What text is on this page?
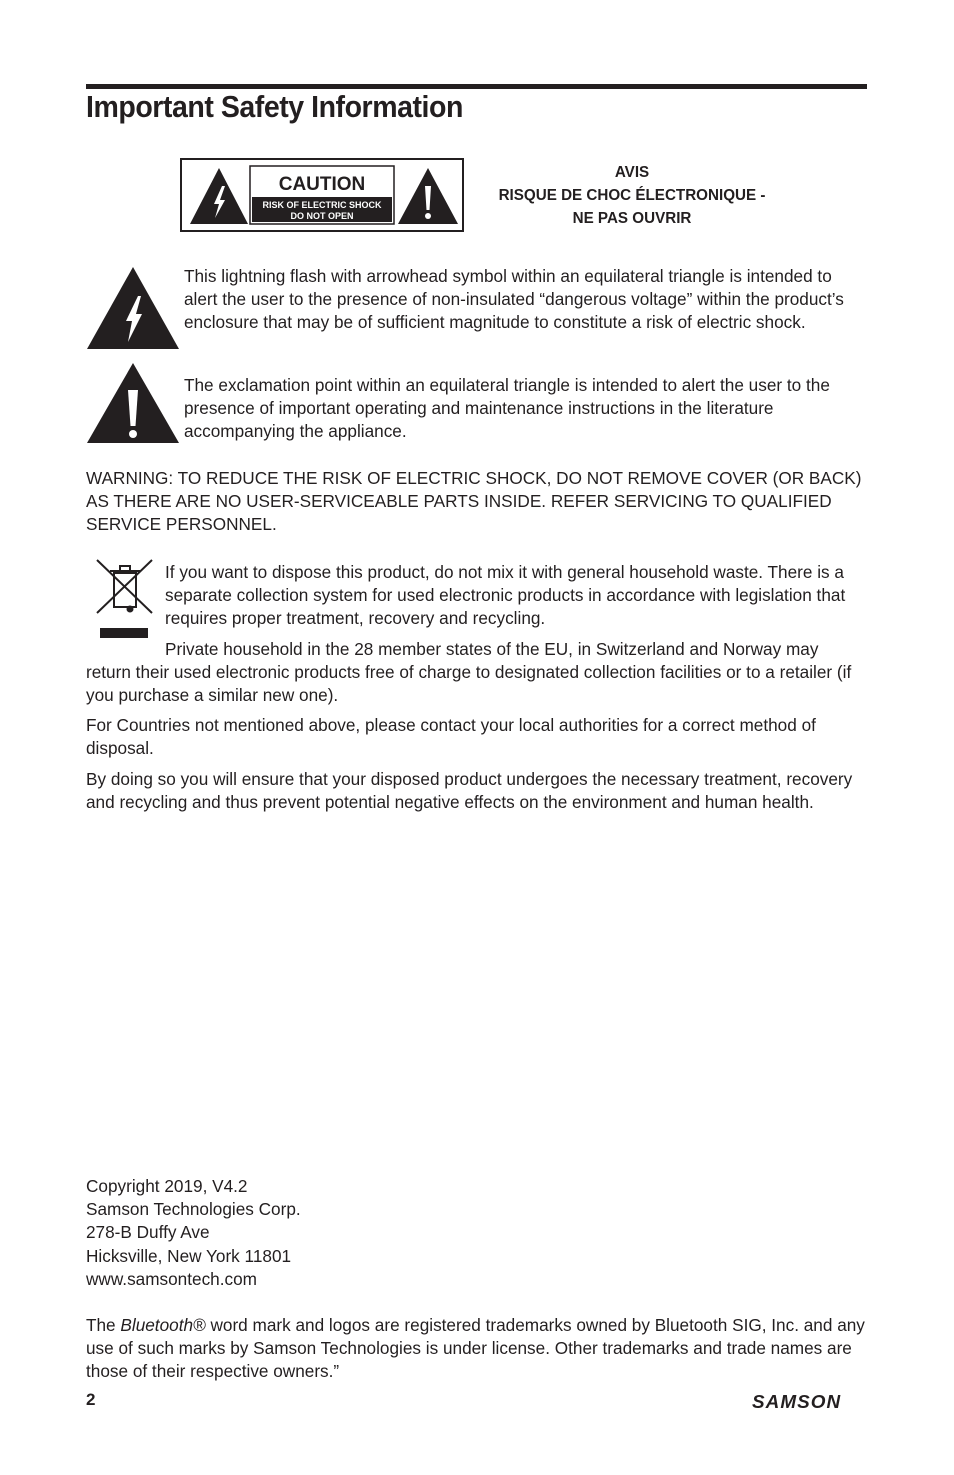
Important Safety Information
CAUTION
RISK OF ELECTRIC SHOCK
DO NOT OPEN
AVIS
RISQUE DE CHOC ÉLECTRONIQUE -
NE PAS OUVRIR
This lightning flash with arrowhead symbol within an equilateral triangle is intended to alert the user to the presence of non-insulated “dangerous voltage” within the product’s enclosure that may be of sufficient magnitude to constitute a risk of electric shock.
The exclamation point within an equilateral triangle is intended to alert the user to the presence of important operating and maintenance instructions in the literature accompanying the appliance.
WARNING: TO REDUCE THE RISK OF ELECTRIC SHOCK, DO NOT REMOVE COVER (OR BACK) AS THERE ARE NO USER-SERVICEABLE PARTS INSIDE. REFER SERVICING TO QUALIFIED SERVICE PERSONNEL.
If you want to dispose this product, do not mix it with general household waste. There is a separate collection system for used electronic products in accordance with legislation that requires proper treatment, recovery and recycling.
Private household in the 28 member states of the EU, in Switzerland and Norway may return their used electronic products free of charge to designated collection facilities or to a retailer (if you purchase a similar new one).
For Countries not mentioned above, please contact your local authorities for a correct method of disposal.
By doing so you will ensure that your disposed product undergoes the necessary treatment, recovery and recycling and thus prevent potential negative effects on the environment and human health.
Copyright 2019, V4.2
Samson Technologies Corp.
278-B Duffy Ave
Hicksville, New York 11801
www.samsontech.com
The Bluetooth® word mark and logos are registered trademarks owned by Bluetooth SIG, Inc. and any use of such marks by Samson Technologies is under license. Other trademarks and trade names are those of their respective owners.”
2	SAMSON
